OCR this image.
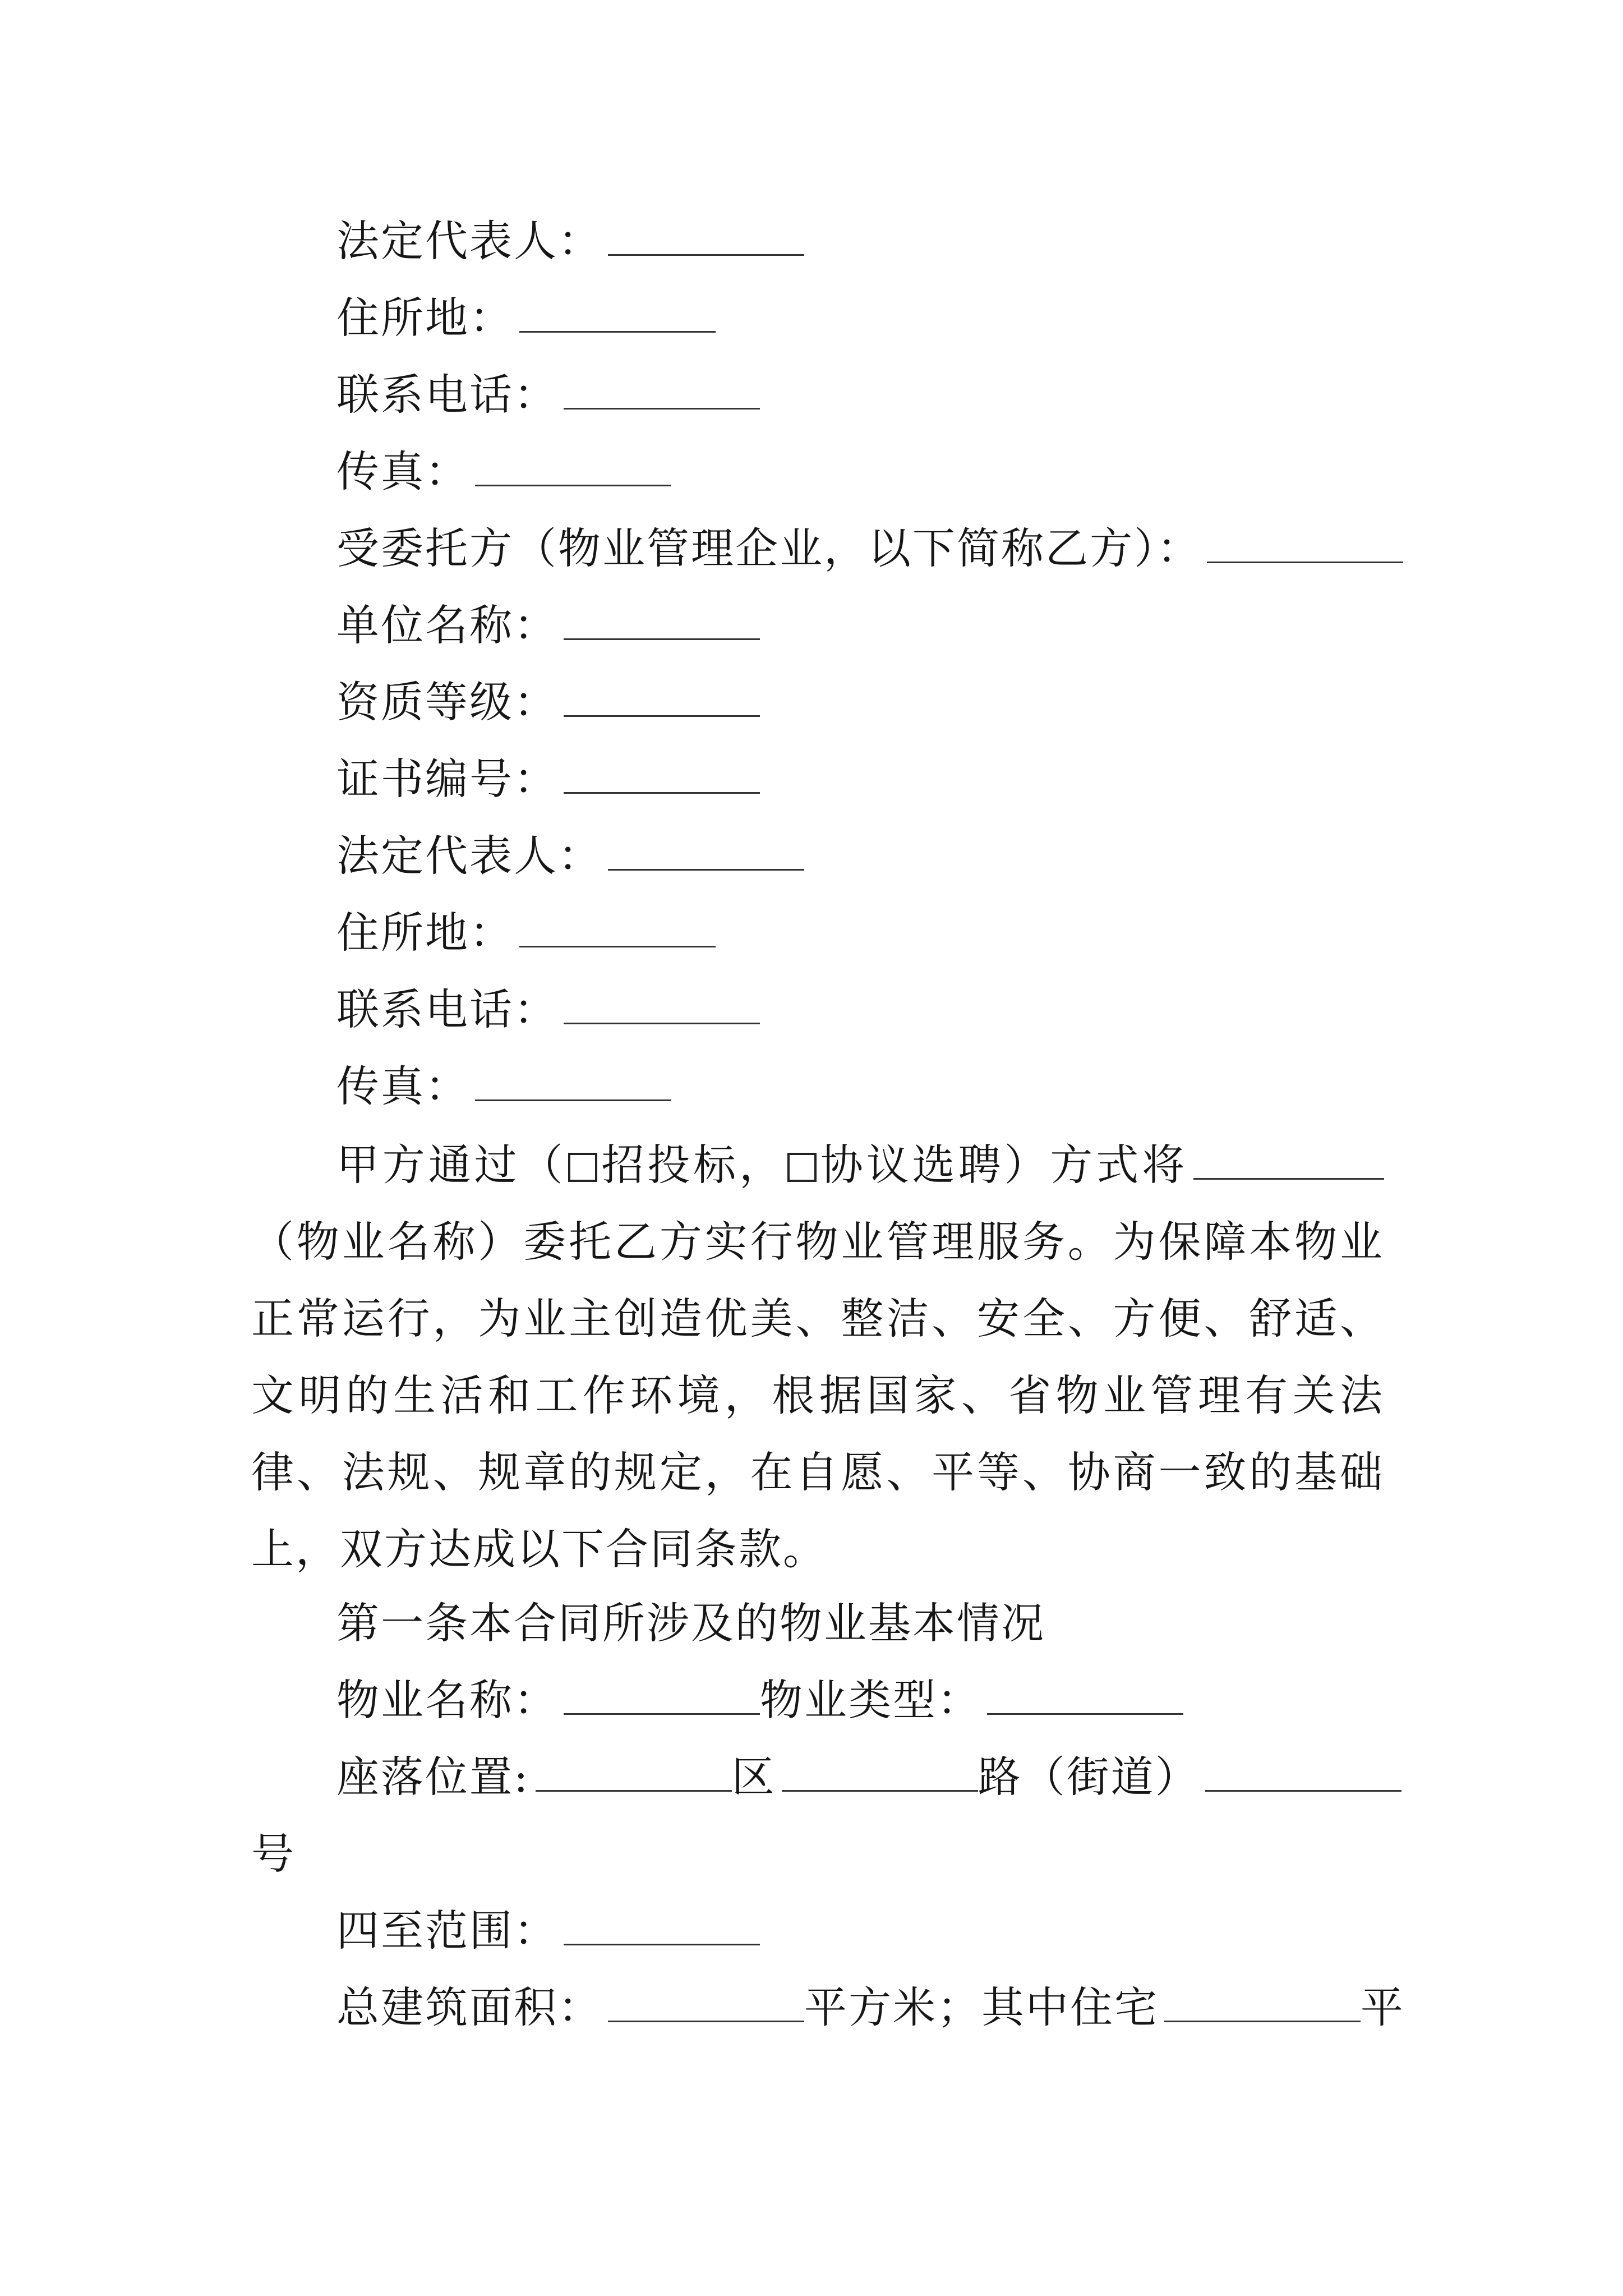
法定代表人：
住所地：
联系电话：
传真：
受委托方（物业管理企业，以下简称乙方）：
单位名称：
资质等级：
证书编号：
法定代表人：
住所地：
联系电话：
传真：
甲方通过（ 招投标， 协议选聘）方式将（物业名称）委托乙方实行物业管理服务。为保障本物业正常运行，为业主创造优美、整洁、安全、方便、舒适、文明的生活和工作环境，根据国家、省物业管理有关法律、法规、规章的规定，在自愿、平等、协商一致的基础上，双方达成以下合同条款。
第一条本合同所涉及的物业基本情况
物业名称：	物业类型：
座落位置:	区	路（街道）
号
四至范围：
总建筑面积：	平方米；其中住宅	平
